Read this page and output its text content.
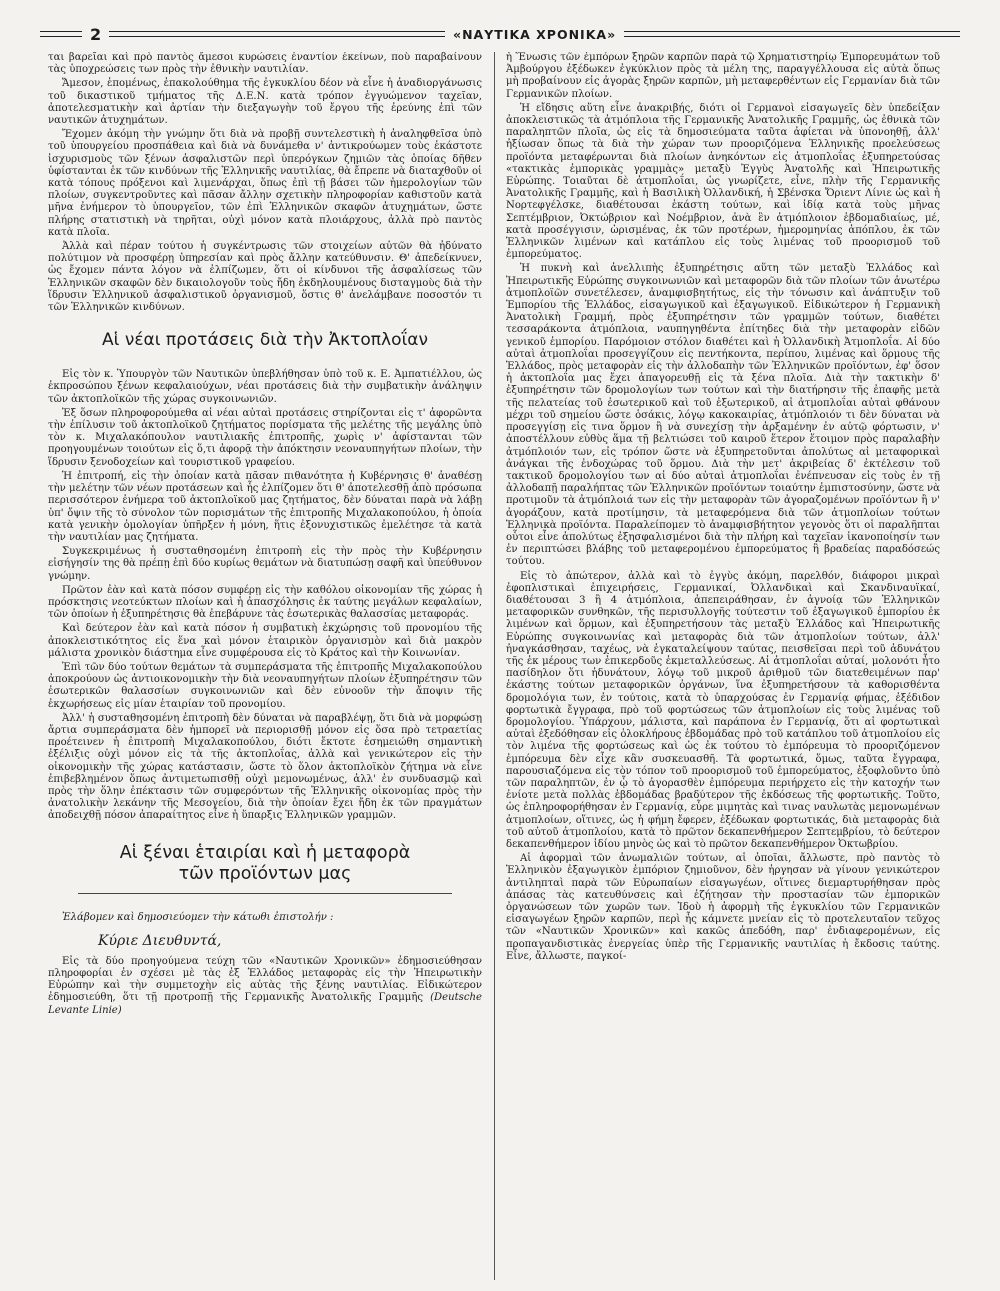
2	«ΝΑΥΤΙΚΑ ΧΡΟΝΙΚΑ»

ται βαρεῖαι καὶ πρὸ παντὸς ἄμεσοι κυρώσεις ἐναντίον ἐκείνων, ποὺ παραβαίνουν τὰς ὑποχρεώσεις των πρὸς τὴν ἐθνικὴν ναυτιλίαν.

Ἄμεσον, ἑπομένως, ἐπακολούθημα τῆς ἐγκυκλίου δέον νὰ εἶνε ἡ ἀναδιοργάνωσις τοῦ δικαστικοῦ τμήματος τῆς Δ.Ε.Ν. κατὰ τρόπον ἐγγυώμενον ταχεῖαν, ἀποτελεσματικὴν καὶ ἀρτίαν τὴν διεξαγωγὴν τοῦ ἔργου τῆς ἐρεύνης ἐπὶ τῶν ναυτικῶν ἀτυχημάτων.

Ἔχομεν ἀκόμη τὴν γνώμην ὅτι διὰ νὰ προβῇ συντελεστικὴ ἡ ἀναληφθεῖσα ὑπὸ τοῦ ὑπουργείου προσπάθεια καὶ διὰ νὰ δυνάμεθα ν' ἀντικρούωμεν τοὺς ἑκάστοτε ἰσχυρισμοὺς τῶν ξένων ἀσφαλιστῶν περὶ ὑπερόγκων ζημιῶν τὰς ὁποίας δῆθεν ὑφίστανται ἐκ τῶν κινδύνων τῆς Ἑλληνικῆς ναυτιλίας, θὰ ἔπρεπε νὰ διαταχθοῦν οἱ κατὰ τόπους πρόξενοι καὶ λιμενάρχαι, ὅπως ἐπὶ τῇ βάσει τῶν ἡμερολογίων τῶν πλοίων, συγκεντροῦντες καὶ πᾶσαν ἄλλην σχετικὴν πληροφορίαν καθιστοῦν κατὰ μῆνα ἐνήμερον τὸ ὑπουργεῖον, τῶν ἐπὶ Ἑλληνικῶν σκαφῶν ἀτυχημάτων, ὥστε πλήρης στατιστικὴ νὰ τηρῆται, οὐχὶ μόνον κατὰ πλοιάρχους, ἀλλὰ πρὸ παντὸς κατὰ πλοῖα.

Ἀλλὰ καὶ πέραν τούτου ἡ συγκέντρωσις τῶν στοιχείων αὐτῶν θὰ ἠδύνατο πολύτιμον νὰ προσφέρῃ ὑπηρεσίαν καὶ πρὸς ἄλλην κατεύθυνσιν. Θ' ἀπεδείκνυεν, ὡς ἔχομεν πάντα λόγον νὰ ἐλπίζωμεν, ὅτι οἱ κίνδυνοι τῆς ἀσφαλίσεως τῶν Ἑλληνικῶν σκαφῶν δὲν δικαιολογοῦν τοὺς ἤδη ἐκδηλουμένους δισταγμοὺς διὰ τὴν ἵδρυσιν Ἑλληνικοῦ ἀσφαλιστικοῦ ὀργανισμοῦ, ὅστις θ' ἀνελάμβανε ποσοστόν τι τῶν Ἑλληνικῶν κινδύνων.

Αἱ νέαι προτάσεις διὰ τὴν Ἀκτοπλοΐαν

Εἰς τὸν κ. Ὑπουργὸν τῶν Ναυτικῶν ὑπεβλήθησαν ὑπὸ τοῦ κ. Ε. Ἀμπατιέλλου, ὡς ἐκπροσώπου ξένων κεφαλαιούχων, νέαι προτάσεις διὰ τὴν συμβατικὴν ἀνάληψιν τῶν ἀκτοπλοϊκῶν τῆς χώρας συγκοινωνιῶν.

Ἐξ ὅσων πληροφορούμεθα αἱ νέαι αὐταὶ προτάσεις στηρίζονται εἰς τ' ἀφορῶντα τὴν ἐπίλυσιν τοῦ ἀκτοπλοϊκοῦ ζητήματος πορίσματα τῆς μελέτης τῆς μεγάλης ὑπὸ τὸν κ. Μιχαλακόπουλον ναυτιλιακῆς ἐπιτροπῆς, χωρὶς ν' ἀφίστανται τῶν προηγουμένων τοιούτων εἰς ὅ,τι ἀφορᾷ τὴν ἀπόκτησιν νεοναυπηγήτων πλοίων, τὴν ἵδρυσιν ξενοδοχείων καὶ τουριστικοῦ γραφείου.

Ἡ ἐπιτροπή, εἰς τὴν ὁποίαν κατὰ πᾶσαν πιθανότητα ἡ Κυβέρνησις θ' ἀναθέσῃ τὴν μελέτην τῶν νέων προτάσεων καὶ ἧς ἐλπίζομεν ὅτι θ' ἀποτελεσθῇ ἀπὸ πρόσωπα περισσότερον ἐνήμερα τοῦ ἀκτοπλοϊκοῦ μας ζητήματος, δὲν δύναται παρὰ νὰ λάβῃ ὑπ' ὄψιν τῆς τὸ σύνολον τῶν πορισμάτων τῆς ἐπιτροπῆς Μιχαλακοπούλου, ἡ ὁποία κατὰ γενικὴν ὁμολογίαν ὑπῆρξεν ἡ μόνη, ἥτις ἐξονυχιστικῶς ἐμελέτησε τὰ κατὰ τὴν ναυτιλίαν μας ζητήματα.

Συγκεκριμένως ἡ συσταθησομένη ἐπιτροπὴ εἰς τὴν πρὸς τὴν Κυβέρνησιν εἰσήγησίν της θὰ πρέπῃ ἐπὶ δύο κυρίως θεμάτων νὰ διατυπώσῃ σαφῆ καὶ ὑπεύθυνον γνώμην.

Πρῶτον ἐὰν καὶ κατὰ πόσον συμφέρῃ εἰς τὴν καθόλου οἰκονομίαν τῆς χώρας ἡ πρόσκτησις νεοτεύκτων πλοίων καὶ ἡ ἀπασχόλησις ἐκ ταύτης μεγάλων κεφαλαίων, τῶν ὁποίων ἡ ἐξυπηρέτησις θὰ ἐπεβάρυνε τὰς ἐσωτερικὰς θαλασσίας μεταφοράς.

Καὶ δεύτερον ἐὰν καὶ κατὰ πόσον ἡ συμβατικὴ ἐκχώρησις τοῦ προνομίου τῆς ἀποκλειστικότητος εἰς ἕνα καὶ μόνον ἑταιρικὸν ὀργανισμὸν καὶ διὰ μακρὸν μάλιστα χρονικὸν διάστημα εἶνε συμφέρουσα εἰς τὸ Κράτος καὶ τὴν Κοινωνίαν.

Ἐπὶ τῶν δύο τούτων θεμάτων τὰ συμπεράσματα τῆς ἐπιτροπῆς Μιχαλακοπούλου ἀποκρούουν ὡς ἀντιοικονομικὴν τὴν διὰ νεοναυπηγήτων πλοίων ἐξυπηρέτησιν τῶν ἐσωτερικῶν θαλασσίων συγκοινωνιῶν καὶ δὲν εὐνοοῦν τὴν ἄποψιν τῆς ἐκχωρήσεως εἰς μίαν ἑταιρίαν τοῦ προνομίου.

Ἀλλ' ἡ συσταθησομένη ἐπιτροπὴ δὲν δύναται νὰ παραβλέψῃ, ὅτι διὰ νὰ μορφώσῃ ἄρτια συμπεράσματα δὲν ἠμπορεῖ νὰ περιορισθῇ μόνον εἰς ὅσα πρὸ τετραετίας προέτεινεν ἡ ἐπιτροπὴ Μιχαλακοπούλου, διότι ἔκτοτε ἐσημειώθη σημαντικὴ ἐξέλιξις οὐχὶ μόνον εἰς τὰ τῆς ἀκτοπλοΐας, ἀλλὰ καὶ γενικώτερον εἰς τὴν οἰκονομικὴν τῆς χώρας κατάστασιν, ὥστε τὸ ὅλον ἀκτοπλοϊκὸν ζήτημα νὰ εἶνε ἐπιβεβλημένον ὅπως ἀντιμετωπισθῇ οὐχὶ μεμονωμένως, ἀλλ' ἐν συνδυασμῷ καὶ πρὸς τὴν ὅλην ἐπέκτασιν τῶν συμφερόντων τῆς Ἑλληνικῆς οἰκονομίας πρὸς τὴν ἀνατολικὴν λεκάνην τῆς Μεσογείου, διὰ τὴν ὁποίαν ἔχει ἤδη ἐκ τῶν πραγμάτων ἀποδειχθῇ πόσον ἀπαραίτητος εἶνε ἡ ὕπαρξις Ἑλληνικῶν γραμμῶν.

Αἱ ξέναι ἑταιρίαι καὶ ἡ μεταφορὰ
τῶν προϊόντων μας

Ἐλάβομεν καὶ δημοσιεύομεν τὴν κάτωθι ἐπιστολήν :

Κύριε Διευθυντά,

Εἰς τὰ δύο προηγούμενα τεύχη τῶν «Ναυτικῶν Χρονικῶν» ἐδημοσιεύθησαν πληροφορίαι ἐν σχέσει μὲ τὰς ἐξ Ἑλλάδος μεταφορὰς εἰς τὴν Ἠπειρωτικὴν Εὐρώπην καὶ τὴν συμμετοχὴν εἰς αὐτὰς τῆς ξένης ναυτιλίας. Εἰδικώτερον ἐδημοσιεύθη, ὅτι τῇ προτροπῇ τῆς Γερμανικῆς Ἀνατολικῆς Γραμμῆς (Deutsche Levante Linie)

ἡ Ἕνωσις τῶν ἐμπόρων ξηρῶν καρπῶν παρὰ τῷ Χρηματιστηρίῳ Ἐμπορευμάτων τοῦ Ἀμβούργου ἐξέδωκεν ἐγκύκλιον πρὸς τὰ μέλη της, παραγγέλλουσα εἰς αὐτὰ ὅπως μὴ προβαίνουν εἰς ἀγορὰς ξηρῶν καρπῶν, μὴ μεταφερθέντων εἰς Γερμανίαν διὰ τῶν Γερμανικῶν πλοίων.

Ἡ εἴδησις αὕτη εἶνε ἀνακριβής, διότι οἱ Γερμανοὶ εἰσαγωγεῖς δὲν ὑπεδείξαν ἀποκλειστικῶς τὰ ἀτμόπλοια τῆς Γερμανικῆς Ἀνατολικῆς Γραμμῆς, ὡς ἐθνικὰ τῶν παραληπτῶν πλοῖα, ὡς εἰς τὰ δημοσιεύματα ταῦτα ἀφίεται νὰ ὑπονοηθῇ, ἀλλ' ἠξίωσαν ὅπως τὰ διὰ τὴν χώραν των προοριζόμενα Ἑλληνικῆς προελεύσεως προϊόντα μεταφέρωνται διὰ πλοίων ἀνηκόντων εἰς ἀτμοπλοΐας ἐξυπηρετούσας «τακτικὰς ἐμπορικὰς γραμμὰς» μεταξὺ Ἐγγὺς Ἀνατολῆς καὶ Ἠπειρωτικῆς Εὐρώπης. Τοιαῦται δὲ ἀτμοπλοΐαι, ὡς γνωρίζετε, εἶνε, πλὴν τῆς Γερμανικῆς Ἀνατολικῆς Γραμμῆς, καὶ ἡ Βασιλικὴ Ὀλλανδική, ἡ Σβένσκα Ὄριεντ Λίνιε ὡς καὶ ἡ Νορτεφγέλσκε, διαθέτουσαι ἑκάστη τούτων, καὶ ἰδίᾳ κατὰ τοὺς μῆνας Σεπτέμβριον, Ὀκτώβριον καὶ Νοέμβριον, ἀνὰ ἓν ἀτμόπλοιον ἑβδομαδιαίως, μέ, κατὰ προσέγγισιν, ὡρισμένας, ἐκ τῶν προτέρων, ἡμερομηνίας ἀπόπλου, ἐκ τῶν Ἑλληνικῶν λιμένων καὶ κατάπλου εἰς τοὺς λιμένας τοῦ προορισμοῦ τοῦ ἐμπορεύματος.

Ἡ πυκνὴ καὶ ἀνελλιπὴς ἐξυπηρέτησις αὕτη τῶν μεταξὺ Ἑλλάδος καὶ Ἠπειρωτικῆς Εὐρώπης συγκοινωνιῶν καὶ μεταφορῶν διὰ τῶν πλοίων τῶν ἀνωτέρω ἀτμοπλοϊῶν συνετέλεσεν, ἀναμφισβητήτως, εἰς τὴν τόνωσιν καὶ ἀνάπτυξιν τοῦ Ἐμπορίου τῆς Ἑλλάδος, εἰσαγωγικοῦ καὶ ἐξαγωγικοῦ. Εἰδικώτερον ἡ Γερμανικὴ Ἀνατολικὴ Γραμμή, πρὸς ἐξυπηρέτησιν τῶν γραμμῶν τούτων, διαθέτει τεσσαράκοντα ἀτμόπλοια, ναυπηγηθέντα ἐπίτηδες διὰ τὴν μεταφορὰν εἰδῶν γενικοῦ ἐμπορίου. Παρόμοιον στόλον διαθέτει καὶ ἡ Ὀλλανδικὴ Ἀτμοπλοΐα. Αἱ δύο αὐταὶ ἀτμοπλοΐαι προσεγγίζουν εἰς πεντήκοντα, περίπου, λιμένας καὶ ὅρμους τῆς Ἑλλάδος, πρὸς μεταφορὰν εἰς τὴν ἀλλοδαπὴν τῶν Ἑλληνικῶν προϊόντων, ἐφ' ὅσον ἡ ἀκτοπλοΐα μας ἔχει ἀπαγορευθῇ εἰς τὰ ξένα πλοῖα. Διὰ τὴν τακτικὴν δ' ἐξυπηρέτησιν τῶν δρομολογίων των τούτων καὶ τὴν διατήρησιν τῆς ἐπαφῆς μετὰ τῆς πελατείας τοῦ ἐσωτερικοῦ καὶ τοῦ ἐξωτερικοῦ, αἱ ἀτμοπλοΐαι αὐταὶ φθάνουν μέχρι τοῦ σημείου ὥστε ὁσάκις, λόγῳ κακοκαιρίας, ἀτμόπλοιόν τι δὲν δύναται νὰ προσεγγίσῃ εἰς τινα ὅρμον ἢ νὰ συνεχίσῃ τὴν ἀρξαμένην ἐν αὐτῷ φόρτωσιν, ν' ἀποστέλλουν εὐθὺς ἅμα τῇ βελτιώσει τοῦ καιροῦ ἕτερον ἕτοιμον πρὸς παραλαβὴν ἀτμόπλοιόν των, εἰς τρόπον ὥστε νὰ ἐξυπηρετοῦνται ἀπολύτως αἱ μεταφορικαὶ ἀνάγκαι τῆς ἐνδοχώρας τοῦ ὅρμου. Διὰ τὴν μετ' ἀκριβείας δ' ἐκτέλεσιν τοῦ τακτικοῦ δρομολογίου των αἱ δύο αὐταὶ ἀτμοπλοΐαι ἐνέπνευσαν εἰς τοὺς ἐν τῇ ἀλλοδαπῇ παραλήπτας τῶν Ἑλληνικῶν προϊόντων τοιαύτην ἐμπιστοσύνην, ὥστε νὰ προτιμοῦν τὰ ἀτμόπλοιά των εἰς τὴν μεταφορὰν τῶν ἀγοραζομένων προϊόντων ἢ ν' ἀγοράζουν, κατὰ προτίμησιν, τὰ μεταφερόμενα διὰ τῶν ἀτμοπλοίων τούτων Ἑλληνικὰ προϊόντα. Παραλείπομεν τὸ ἀναμφισβήτητον γεγονὸς ὅτι οἱ παραλῆπται οὗτοι εἶνε ἀπολύτως ἐξησφαλισμένοι διὰ τὴν πλήρη καὶ ταχεῖαν ἱκανοποίησίν των ἐν περιπτώσει βλάβης τοῦ μεταφερομένου ἐμπορεύματος ἢ βραδείας παραδόσεώς τούτου.

Εἰς τὸ ἀπώτερον, ἀλλὰ καὶ τὸ ἐγγὺς ἀκόμη, παρελθόν, διάφοροι μικραὶ ἐφοπλιστικαὶ ἐπιχειρήσεις, Γερμανικαί, Ὀλλανδικαὶ καὶ Σκανδιναυϊκαί, διαθέτουσαι 3 ἢ 4 ἀτμόπλοια, ἀπεπειράθησαν, ἐν ἀγνοίᾳ τῶν Ἑλληνικῶν μεταφορικῶν συνθηκῶν, τῆς περισυλλογῆς τούτεστιν τοῦ ἐξαγωγικοῦ ἐμπορίου ἐκ λιμένων καὶ ὅρμων, καὶ ἐξυπηρετήσουν τὰς μεταξὺ Ἑλλάδος καὶ Ἠπειρωτικῆς Εὐρώπης συγκοινωνίας καὶ μεταφορὰς διὰ τῶν ἀτμοπλοίων τούτων, ἀλλ' ἠναγκάσθησαν, ταχέως, νὰ ἐγκαταλείψουν ταύτας, πεισθεῖσαι περὶ τοῦ ἀδυνάτου τῆς ἐκ μέρους των ἐπικερδοῦς ἐκμεταλλεύσεως. Αἱ ἀτμοπλοΐαι αὐταί, μολονότι ἦτο πασίδηλον ὅτι ἠδυνάτουν, λόγῳ τοῦ μικροῦ ἀριθμοῦ τῶν διατεθειμένων παρ' ἑκάστης τούτων μεταφορικῶν ὀργάνων, ἵνα ἐξυπηρετήσουν τὰ καθορισθέντα δρομολόγια των, ἐν τούτοις, κατὰ τὸ ὑπαρχούσας ἐν Γερμανίᾳ φήμας, ἐξέδιδον φορτωτικὰ ἔγγραφα, πρὸ τοῦ φορτώσεως τῶν ἀτμοπλοίων εἰς τοὺς λιμένας τοῦ δρομολογίου. Ὑπάρχουν, μάλιστα, καὶ παράπονα ἐν Γερμανίᾳ, ὅτι αἱ φορτωτικαὶ αὐταὶ ἐξεδόθησαν εἰς ὁλοκλήρους ἑβδομάδας πρὸ τοῦ κατάπλου τοῦ ἀτμοπλοίου εἰς τὸν λιμένα τῆς φορτώσεως καὶ ὡς ἐκ τούτου τὸ ἐμπόρευμα τὸ προοριζόμενον ἐμπόρευμα δὲν εἶχε κἂν συσκευασθῆ. Τὰ φορτωτικά, ὅμως, ταῦτα ἔγγραφα, παρουσιαζόμενα εἰς τὸν τόπον τοῦ προορισμοῦ τοῦ ἐμπορεύματος, ἐξοφλοῦντο ὑπὸ τῶν παραληπτῶν, ἐν ᾧ τὸ ἀγορασθὲν ἐμπόρευμα περιήρχετο εἰς τὴν κατοχήν των ἐνίοτε μετὰ πολλὰς ἑβδομάδας βραδύτερον τῆς ἐκδόσεως τῆς φορτωτικῆς. Τοῦτο, ὡς ἐπληροφορήθησαν ἐν Γερμανίᾳ, εὗρε μιμητὰς καὶ τινας ναυλωτὰς μεμονωμένων ἀτμοπλοίων, οἵτινες, ὡς ἡ φήμη ἔφερεν, ἐξέδωκαν φορτωτικάς, διὰ μεταφορὰς διὰ τοῦ αὐτοῦ ἀτμοπλοίου, κατὰ τὸ πρῶτον δεκαπενθήμερον Σεπτεμβρίου, τὸ δεύτερον δεκαπενθήμερον ἰδίου μηνὸς ὡς καὶ τὸ πρῶτον δεκαπενθήμερον Ὀκτωβρίου.

Αἱ ἀφορμαὶ τῶν ἀνωμαλιῶν τούτων, αἱ ὁποῖαι, ἄλλωστε, πρὸ παντὸς τὸ Ἑλληνικὸν ἐξαγωγικὸν ἐμπόριον ζημιοῦνον, δὲν ἠργησαν νὰ γίνουν γενικώτερον ἀντιληπταὶ παρὰ τῶν Εὐρωπαίων εἰσαγωγέων, οἵτινες διεμαρτυρήθησαν πρὸς ἁπάσας τὰς κατευθύνσεις καὶ ἐζήτησαν τὴν προστασίαν τῶν ἐμπορικῶν ὀργανώσεων τῶν χωρῶν των. Ἰδοὺ ἡ ἀφορμὴ τῆς ἐγκυκλίου τῶν Γερμανικῶν εἰσαγωγέων ξηρῶν καρπῶν, περὶ ἧς κάμνετε μνείαν εἰς τὸ προτελευταῖον τεῦχος τῶν «Ναυτικῶν Χρονικῶν» καὶ κακῶς ἀπεδόθη, παρ' ἐνδιαφερομένων, εἰς προπαγανδιστικὰς ἐνεργείας ὑπὲρ τῆς Γερμανικῆς ναυτιλίας ἡ ἔκδοσις ταύτης. Εἶνε, ἄλλωστε, παγκοί-
